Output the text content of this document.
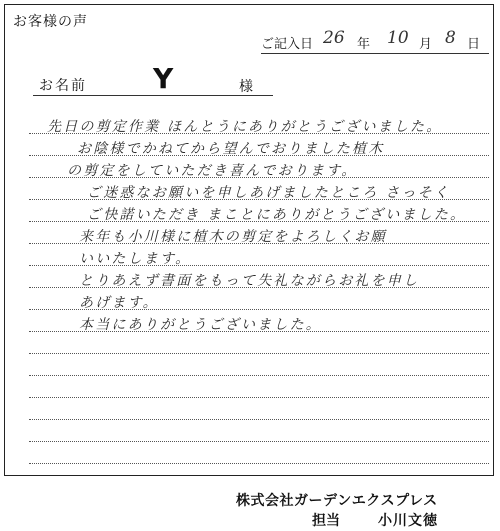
お客様の声
ご記入日 26 年 10 月 8 日
お名前 Y	様
先日の剪定作業 ほんとうにありがとうございました。
お陰様でかねてから望んでおりました植木
の剪定をしていただき喜んでおります。
ご迷惑なお願いを申しあげましたところ さっそく
ご快諾いただき まことにありがとうございました。
来年も小川様に植木の剪定をよろしくお願
いいたします。
とりあえず書面をもって失礼ながらお礼を申し
あげます。
本当にありがとうございました。
株式会社ガーデンエクスプレス
担当	小川文徳
